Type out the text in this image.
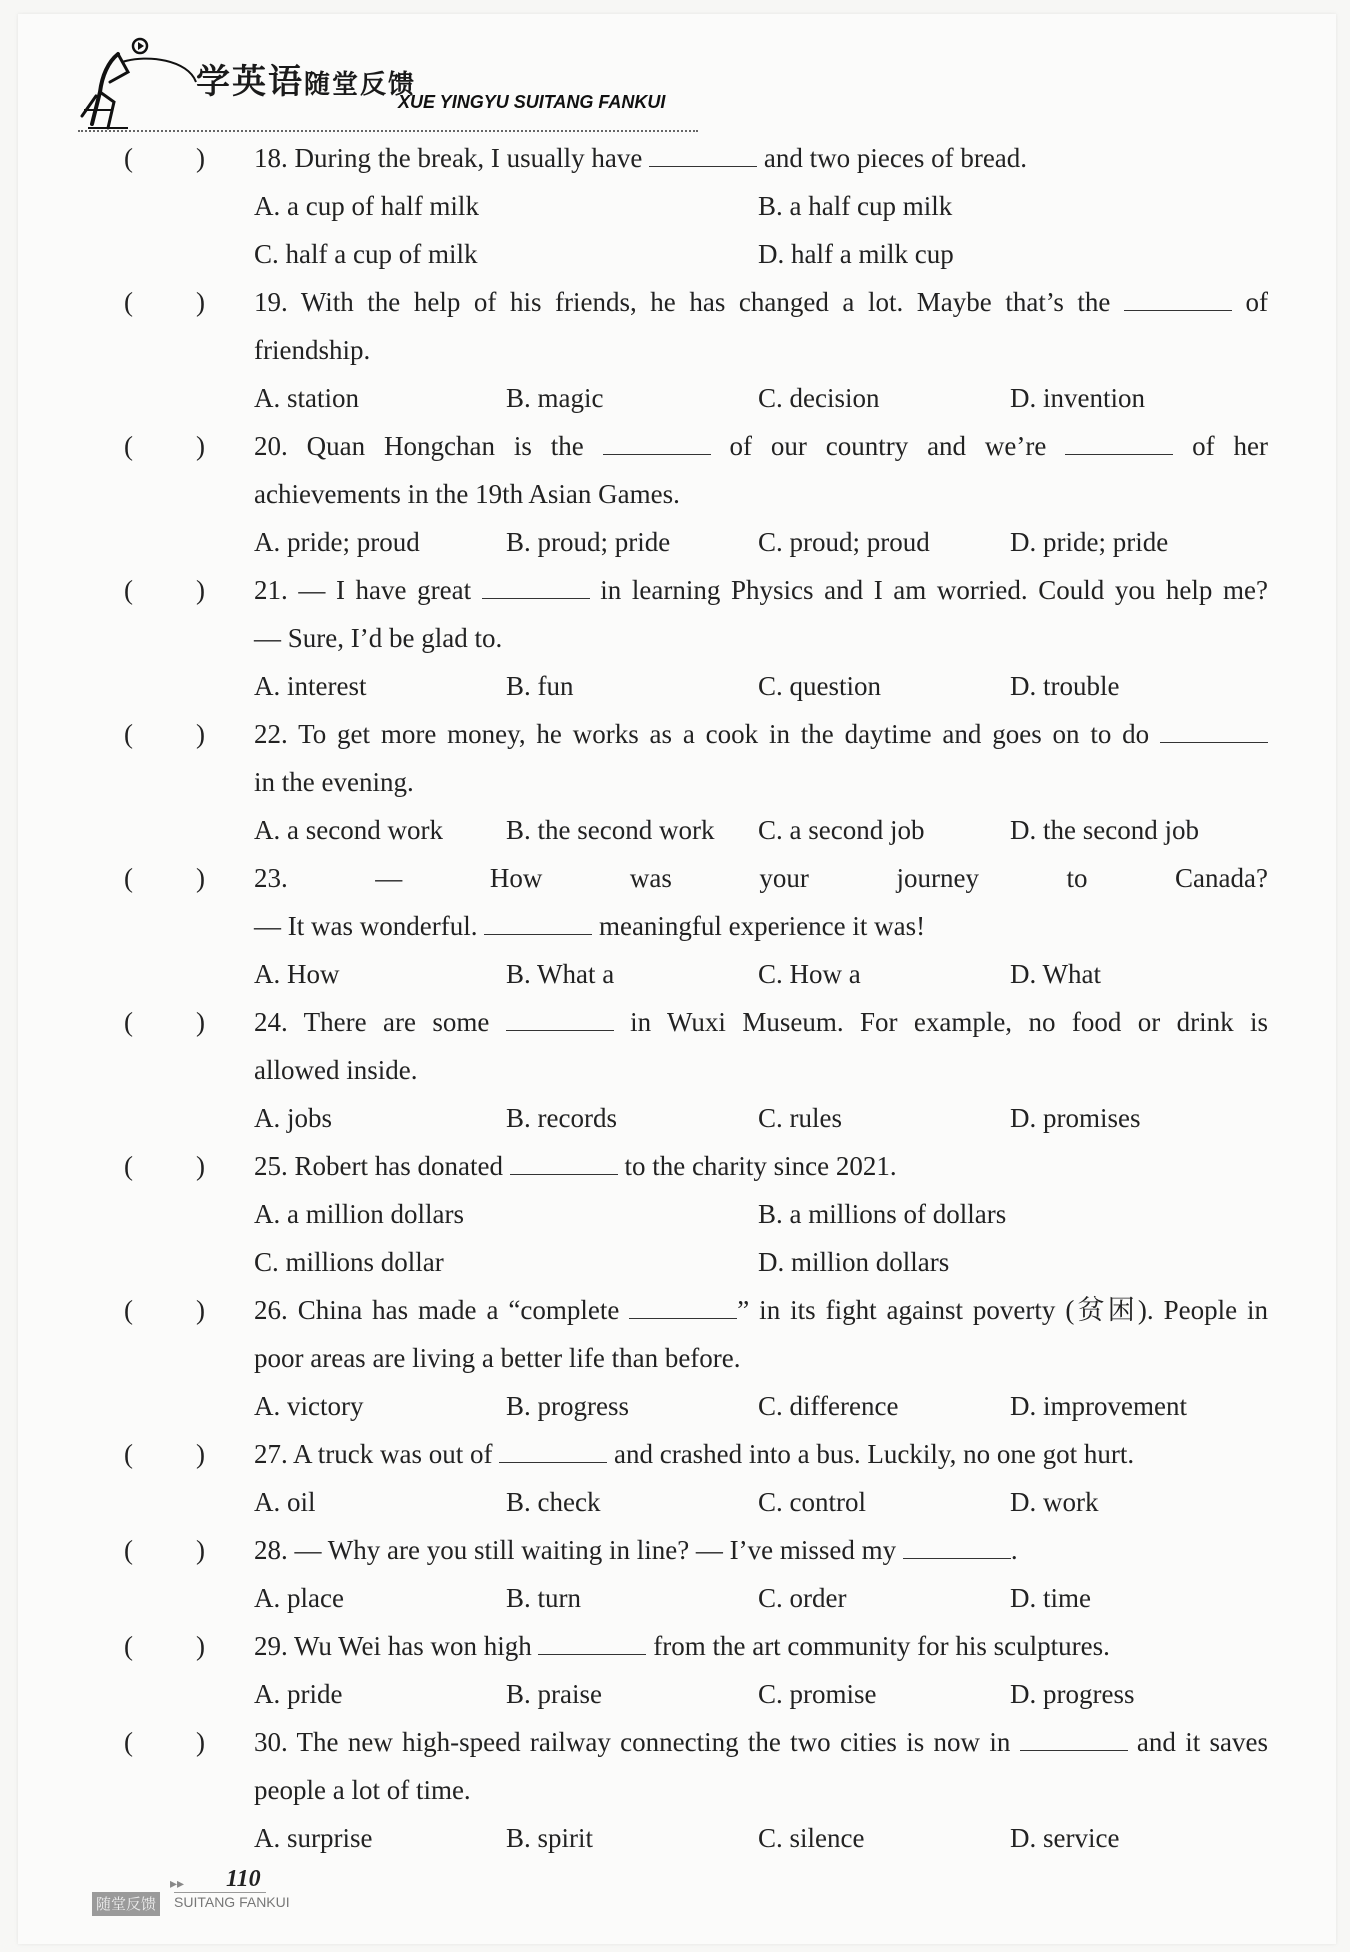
学英语随堂反馈
XUE YINGYU SUITANG FANKUI
( ) 18. During the break, I usually have	and two pieces of bread.
A. a cup of half milk	B. a half cup milk
C. half a cup of milk	D. half a milk cup
( ) 19. With the help of his friends, he has changed a lot. Maybe that’s the	of
friendship.
A. station	B. magic	C. decision	D. invention
( ) 20. Quan Hongchan is the	of our country and we’re	of her
achievements in the 19th Asian Games.
A. pride; proud	B. proud; pride	C. proud; proud	D. pride; pride
( ) 21. — I have great	in learning Physics and I am worried. Could you help me?
— Sure, I’d be glad to.
A. interest	B. fun	C. question	D. trouble
( ) 22. To get more money, he works as a cook in the daytime and goes on to do
in the evening.
A. a second work B. the second work C. a second job	D. the second job
( ) 23. — How was your journey to Canada?
— It was wonderful.	meaningful experience it was!
A. How	B. What a	C. How a	D. What
( ) 24. There are some	in Wuxi Museum. For example, no food or drink is
allowed inside.
A. jobs	B. records	C. rules	D. promises
( ) 25. Robert has donated	to the charity since 2021.
A. a million dollars	B. a millions of dollars
C. millions dollar	D. million dollars
( ) 26. China has made a “complete	” in its fight against poverty (贫困). People in
poor areas are living a better life than before.
A. victory	B. progress	C. difference	D. improvement
( ) 27. A truck was out of	and crashed into a bus. Luckily, no one got hurt.
A. oil	B. check	C. control	D. work
( ) 28. — Why are you still waiting in line? — I’ve missed my	.
A. place	B. turn	C. order	D. time
( ) 29. Wu Wei has won high	from the art community for his sculptures.
A. pride	B. praise	C. promise	D. progress
( ) 30. The new high-speed railway connecting the two cities is now in	and it saves
people a lot of time.
A. surprise	B. spirit	C. silence	D. service
▸▸ 110
随堂反馈 SUITANG FANKUI
